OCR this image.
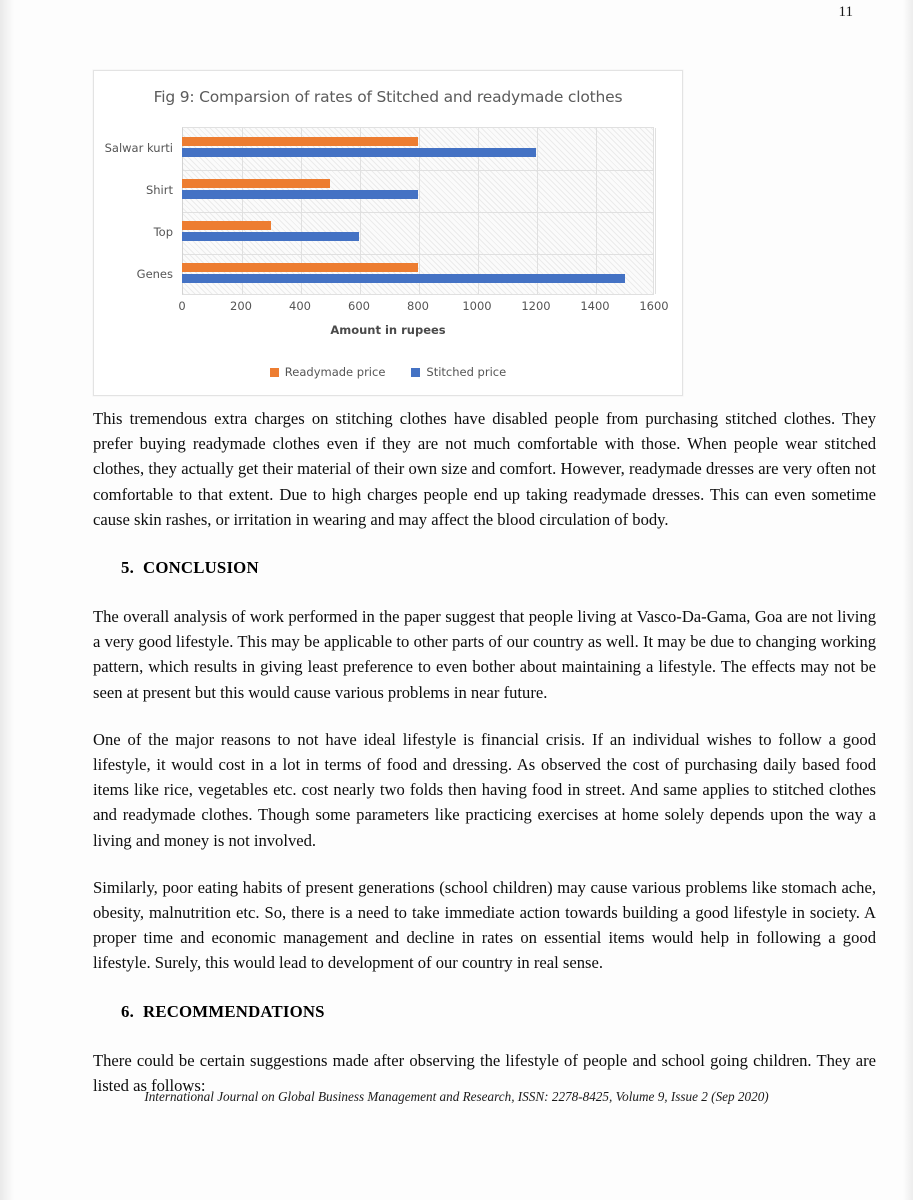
11
Fig 9: Comparsion of rates of Stitched and readymade clothes
Salwar kurti
Shirt
Top
Genes
0	200	400	600	800	1000	1200	1400	1600
Amount in rupees
Readymade price	Stitched price

This tremendous extra charges on stitching clothes have disabled people from purchasing stitched clothes. They prefer buying readymade clothes even if they are not much comfortable with those. When people wear stitched clothes, they actually get their material of their own size and comfort. However, readymade dresses are very often not comfortable to that extent. Due to high charges people end up taking readymade dresses. This can even sometime cause skin rashes, or irritation in wearing and may affect the blood circulation of body.

5. CONCLUSION

The overall analysis of work performed in the paper suggest that people living at Vasco-Da-Gama, Goa are not living a very good lifestyle. This may be applicable to other parts of our country as well. It may be due to changing working pattern, which results in giving least preference to even bother about maintaining a lifestyle. The effects may not be seen at present but this would cause various problems in near future.

One of the major reasons to not have ideal lifestyle is financial crisis. If an individual wishes to follow a good lifestyle, it would cost in a lot in terms of food and dressing. As observed the cost of purchasing daily based food items like rice, vegetables etc. cost nearly two folds then having food in street. And same applies to stitched clothes and readymade clothes. Though some parameters like practicing exercises at home solely depends upon the way a living and money is not involved.

Similarly, poor eating habits of present generations (school children) may cause various problems like stomach ache, obesity, malnutrition etc. So, there is a need to take immediate action towards building a good lifestyle in society. A proper time and economic management and decline in rates on essential items would help in following a good lifestyle. Surely, this would lead to development of our country in real sense.

6. RECOMMENDATIONS

There could be certain suggestions made after observing the lifestyle of people and school going children. They are listed as follows:

International Journal on Global Business Management and Research, ISSN: 2278-8425, Volume 9, Issue 2 (Sep 2020)
